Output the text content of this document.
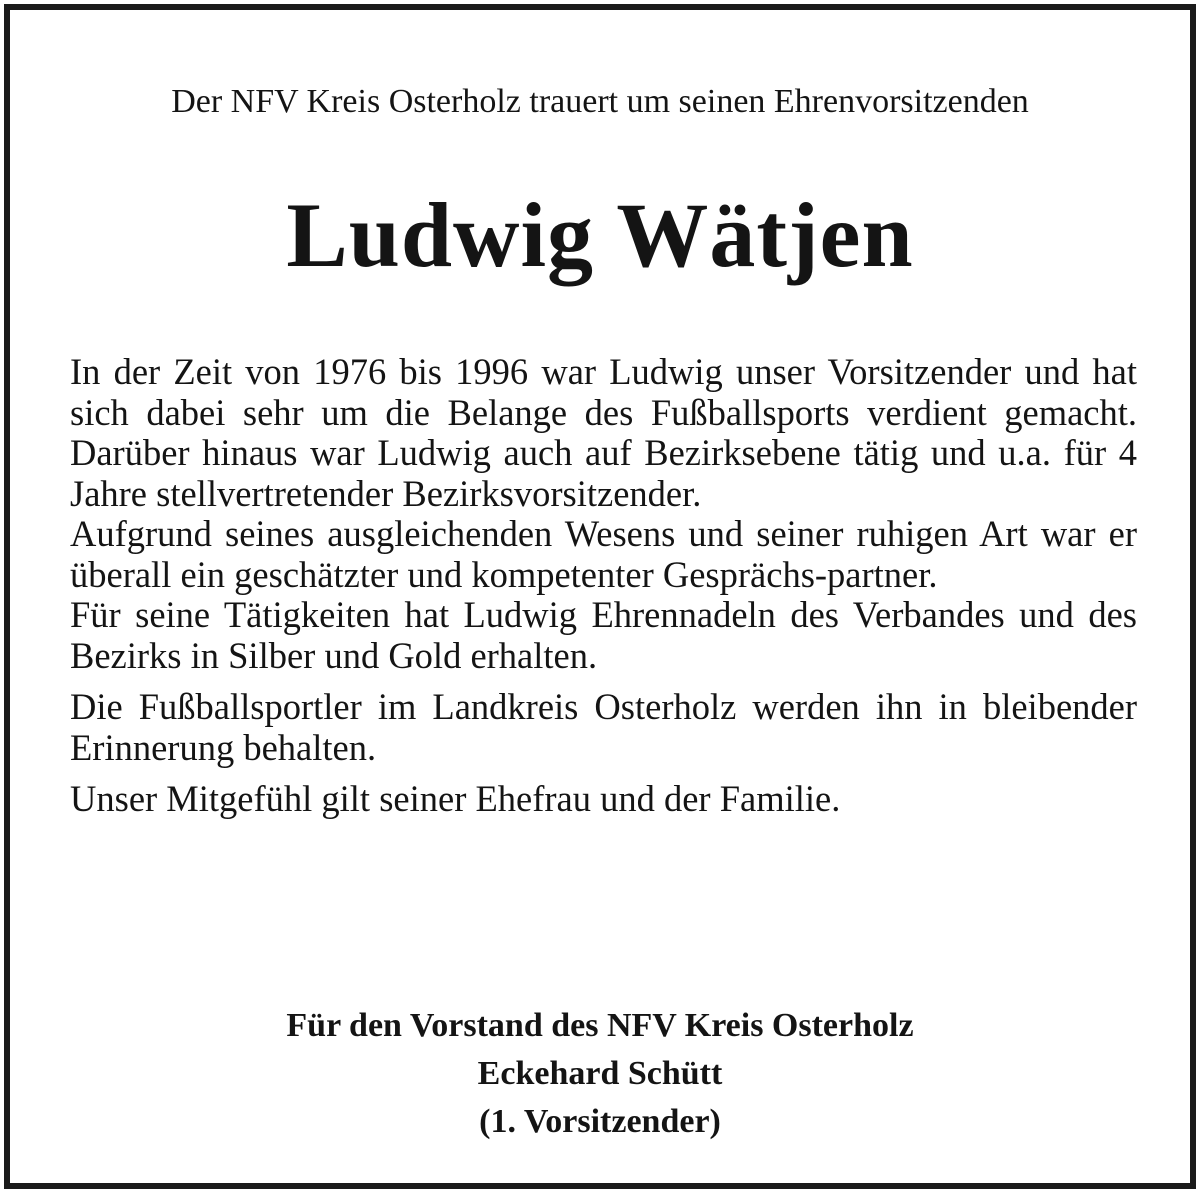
Der NFV Kreis Osterholz trauert um seinen Ehrenvorsitzenden

Ludwig Wätjen

In der Zeit von 1976 bis 1996 war Ludwig unser Vorsitzender und hat sich dabei sehr um die Belange des Fußballsports verdient gemacht. Darüber hinaus war Ludwig auch auf Bezirksebene tätig und u.a. für 4 Jahre stellvertretender Bezirksvorsitzender.

Aufgrund seines ausgleichenden Wesens und seiner ruhigen Art war er überall ein geschätzter und kompetenter Gesprächs-partner.

Für seine Tätigkeiten hat Ludwig Ehrennadeln des Verbandes und des Bezirks in Silber und Gold erhalten.

Die Fußballsportler im Landkreis Osterholz werden ihn in bleibender Erinnerung behalten.

Unser Mitgefühl gilt seiner Ehefrau und der Familie.

Für den Vorstand des NFV Kreis Osterholz
Eckehard Schütt
(1. Vorsitzender)
